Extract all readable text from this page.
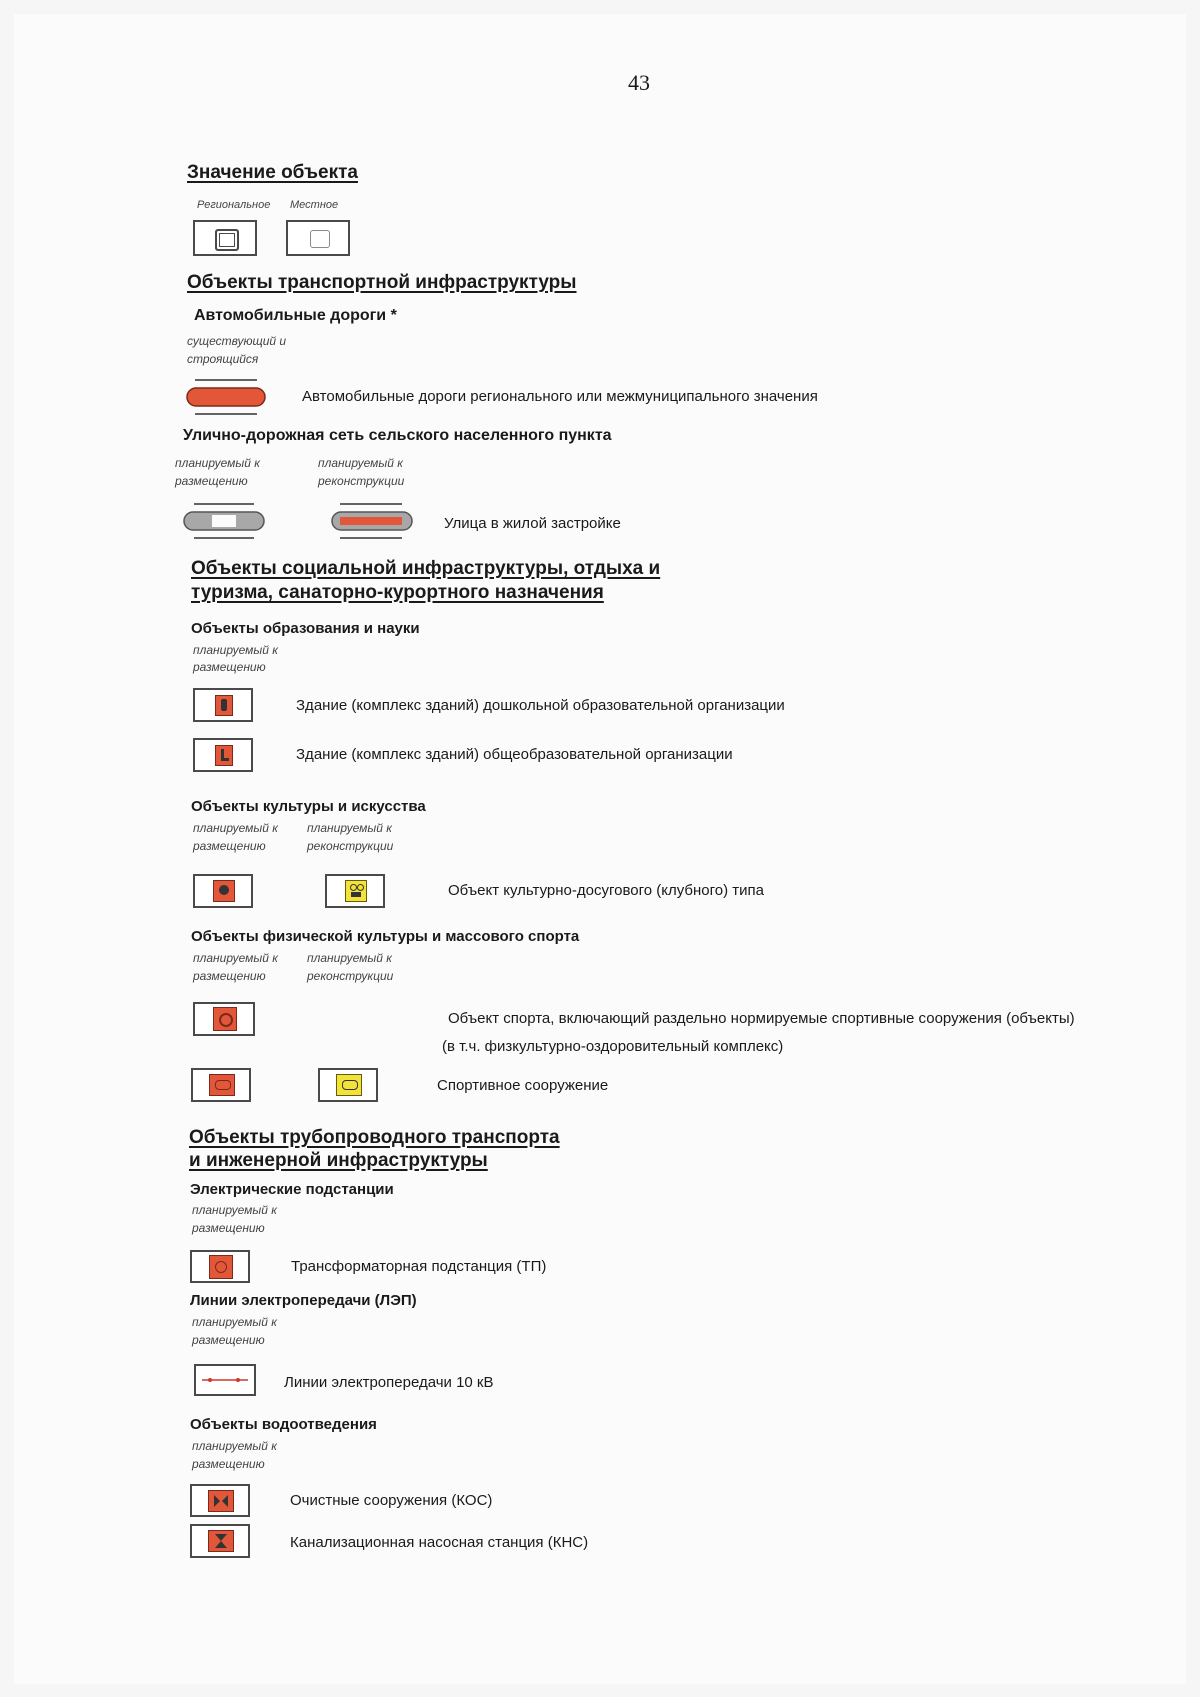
43
Значение объекта
Региональное Местное
Объекты транспортной инфраструктуры
Автомобильные дороги *
существующий и
строящийся
Автомобильные дороги регионального или межмуниципального значения
Улично-дорожная сеть сельского населенного пункта
планируемый к
размещению
планируемый к
реконструкции
Улица в жилой застройке
Объекты социальной инфраструктуры, отдыха и
туризма, санаторно-курортного назначения
Объекты образования и науки
планируемый к
размещению
Здание (комплекс зданий) дошкольной образовательной организации
Здание (комплекс зданий) общеобразовательной организации
Объекты культуры и искусства
планируемый к
размещению
планируемый к
реконструкции
Объект культурно-досугового (клубного) типа
Объекты физической культуры и массового спорта
планируемый к
размещению
планируемый к
реконструкции
Объект спорта, включающий раздельно нормируемые спортивные сооружения (объекты)
(в т.ч. физкультурно-оздоровительный комплекс)
Спортивное сооружение
Объекты трубопроводного транспорта
и инженерной инфраструктуры
Электрические подстанции
планируемый к
размещению
Трансформаторная подстанция (ТП)
Линии электропередачи (ЛЭП)
планируемый к
размещению
Линии электропередачи 10 кВ
Объекты водоотведения
планируемый к
размещению
Очистные сооружения (КОС)
Канализационная насосная станция (КНС)
